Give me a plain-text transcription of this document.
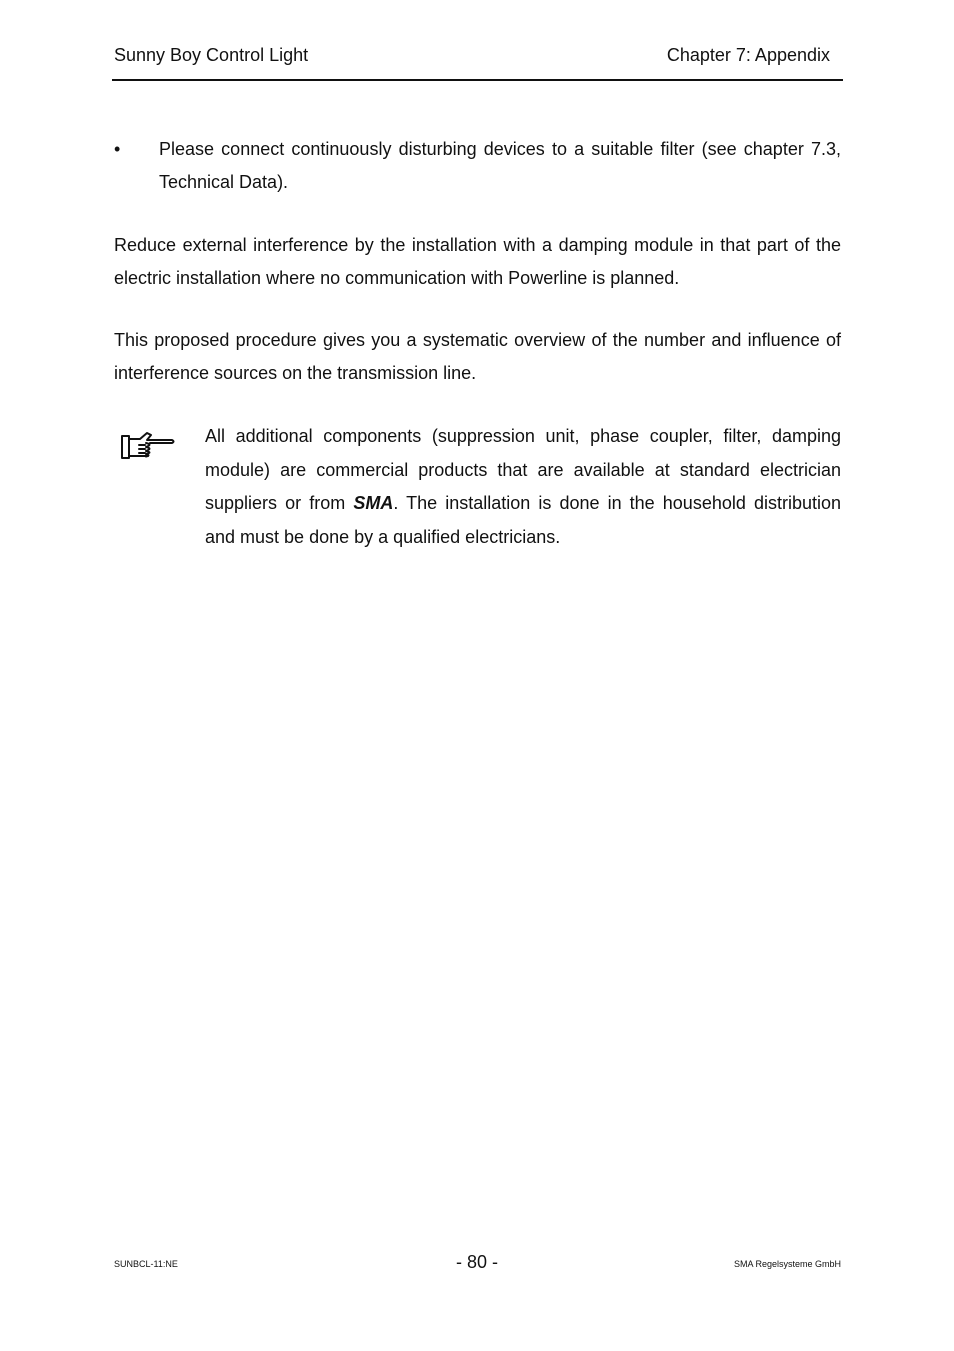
Sunny Boy Control Light	Chapter 7: Appendix
• Please connect continuously disturbing devices to a suitable filter (see chapter 7.3, Technical Data).

Reduce external interference by the installation with a damping module in that part of the electric installation where no communication with Powerline is planned.

This proposed procedure gives you a systematic overview of the number and influence of interference sources on the transmission line.

All additional components (suppression unit, phase coupler, filter, damping module) are commercial products that are available at standard electrician suppliers or from SMA. The installation is done in the household distribution and must be done by a qualified electricians.

SUNBCL-11:NE	- 80 -	SMA Regelsysteme GmbH
